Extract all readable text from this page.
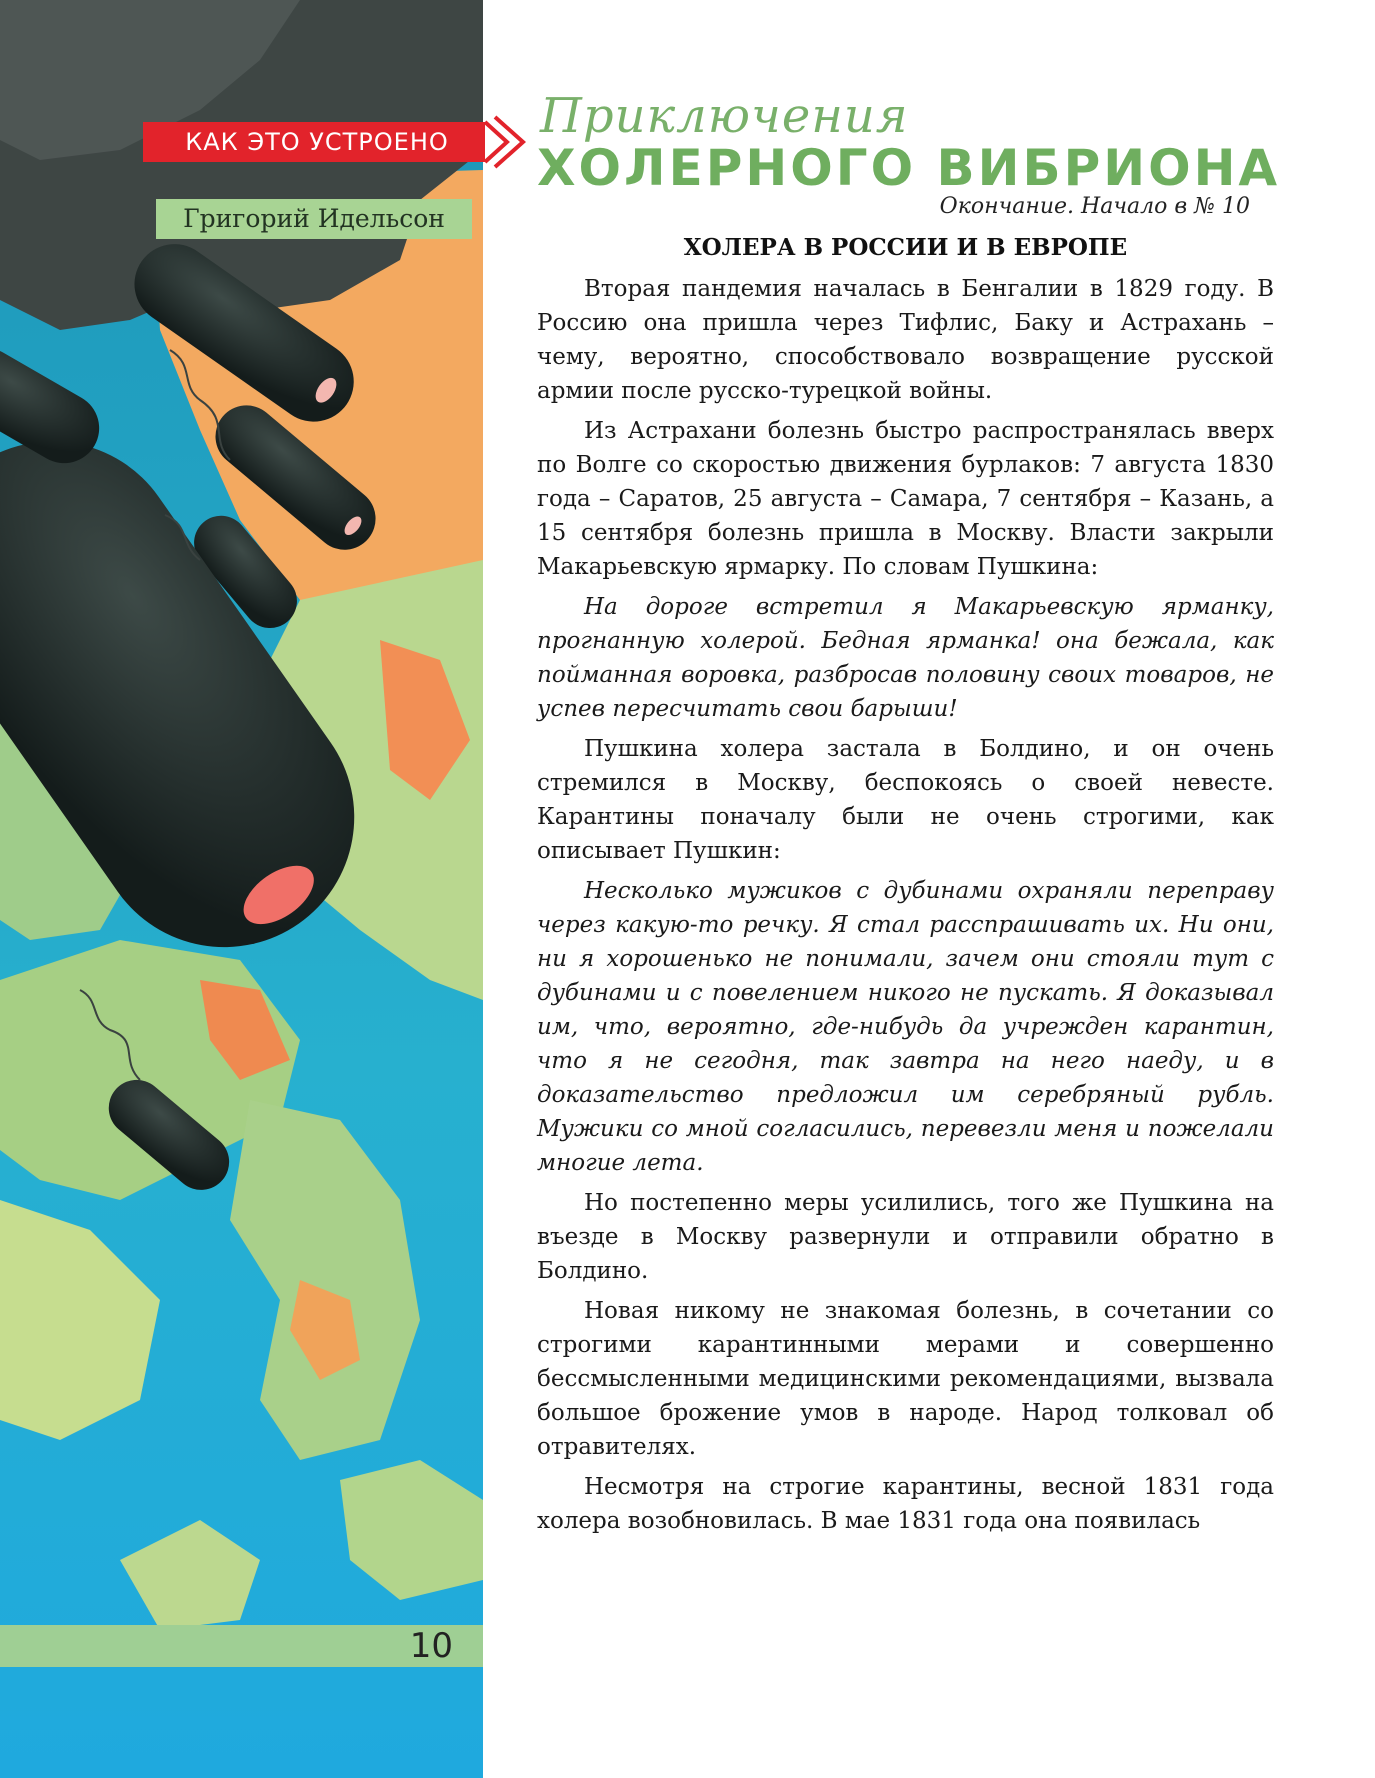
10
КАК ЭТО УСТРОЕНО
Григорий Идельсон
Приключения
ХОЛЕРНОГО ВИБРИОНА
Окончание. Начало в № 10
ХОЛЕРА В РОССИИ И В ЕВРОПЕ

Вторая пандемия началась в Бенгалии в 1829 году. В Россию она пришла через Тифлис, Баку и Астрахань – чему, вероятно, способствовало возвращение русской армии после русско-турецкой войны.

Из Астрахани болезнь быстро распространялась вверх по Волге со скоростью движения бурлаков: 7 августа 1830 года – Саратов, 25 августа – Самара, 7 сентября – Казань, а 15 сентября болезнь пришла в Москву. Власти закрыли Макарьевскую ярмарку. По словам Пушкина:

На дороге встретил я Макарьевскую ярманку, прогнанную холерой. Бедная ярманка! она бежала, как пойманная воровка, разбросав половину своих товаров, не успев пересчитать свои барыши!

Пушкина холера застала в Болдино, и он очень стремился в Москву, беспокоясь о своей невесте. Карантины поначалу были не очень строгими, как описывает Пушкин:

Несколько мужиков с дубинами охраняли переправу через какую-то речку. Я стал расспрашивать их. Ни они, ни я хорошенько не понимали, зачем они стояли тут с дубинами и с повелением никого не пускать. Я доказывал им, что, вероятно, где-нибудь да учрежден карантин, что я не сегодня, так завтра на него наеду, и в доказательство предложил им серебряный рубль. Мужики со мной согласились, перевезли меня и пожелали многие лета.

Но постепенно меры усилились, того же Пушкина на въезде в Москву развернули и отправили обратно в Болдино.

Новая никому не знакомая болезнь, в сочетании со строгими карантинными мерами и совершенно бессмысленными медицинскими рекомендациями, вызвала большое брожение умов в народе. Народ толковал об отравителях.

Несмотря на строгие карантины, весной 1831 года холера возобновилась. В мае 1831 года она появилась
